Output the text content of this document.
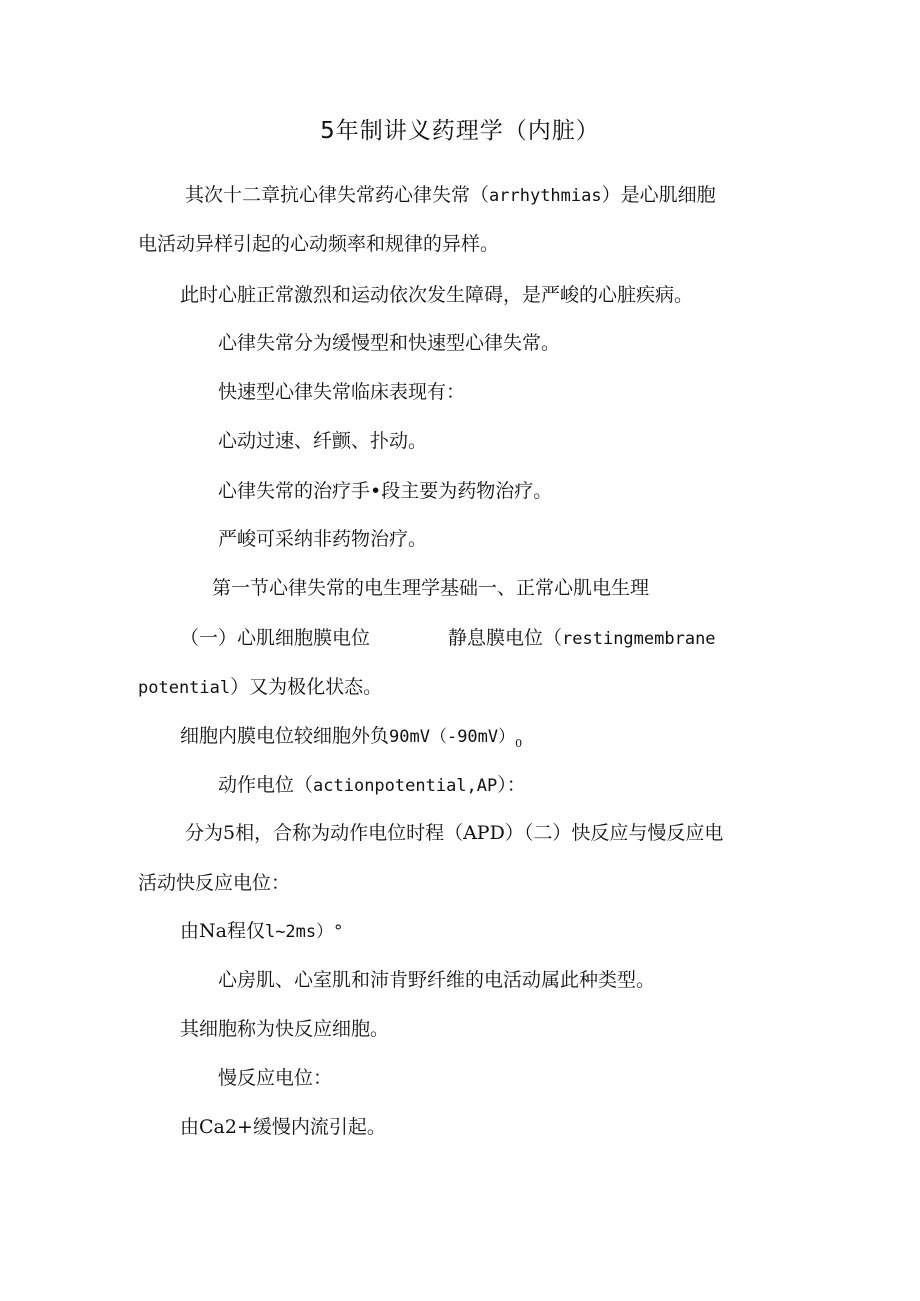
5年制讲义药理学（内脏）
其次十二章抗心律失常药心律失常（arrhythmias）是心肌细胞
电活动异样引起的心动频率和规律的异样。
此时心脏正常激烈和运动依次发生障碍，是严峻的心脏疾病。
心律失常分为缓慢型和快速型心律失常。
快速型心律失常临床表现有：
心动过速、纤颤、扑动。
心律失常的治疗手•段主要为药物治疗。
严峻可采纳非药物治疗。
第一节心律失常的电生理学基础一、正常心肌电生理
（一）心肌细胞膜电位	静息膜电位（restingmembrane
potential）又为极化状态。
细胞内膜电位较细胞外负$90mV(-90mV)_0$
动作电位（actionpotential,AP）：
分为5相，合称为动作电位时程（APD）（二）快反应与慢反应电
活动快反应电位：
由Na程仅l~2ms）°
心房肌、心室肌和沛肯野纤维的电活动属此种类型。
其细胞称为快反应细胞。
慢反应电位：
由Ca2+缓慢内流引起。
